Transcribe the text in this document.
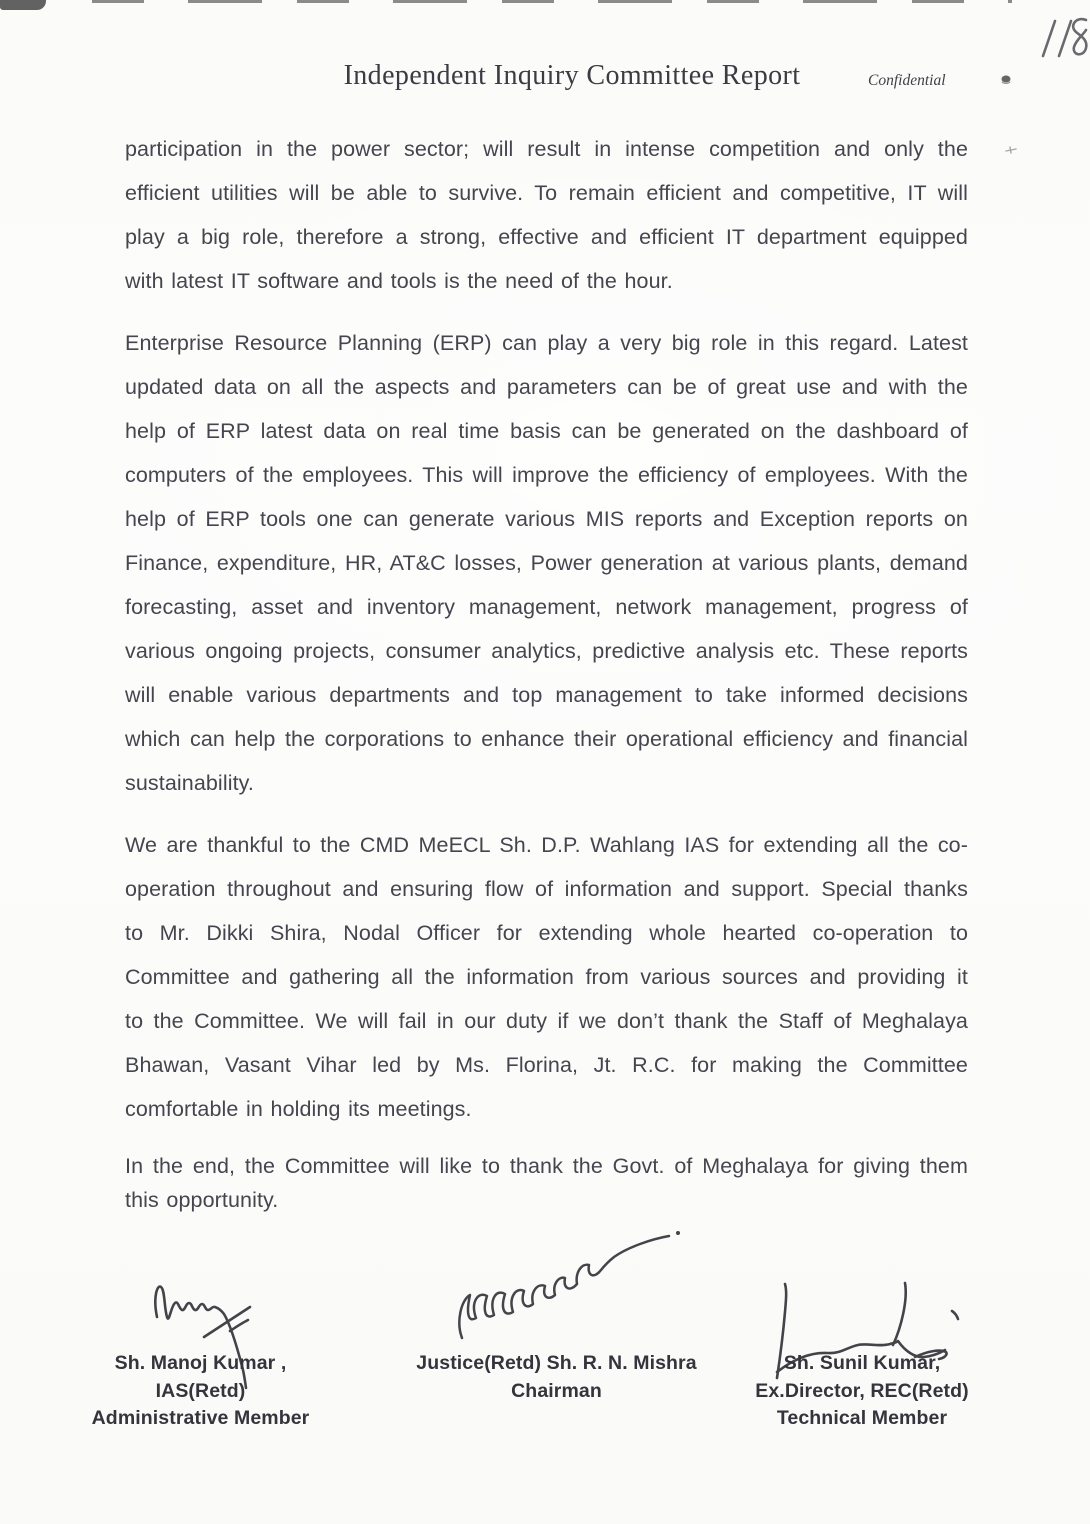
Independent Inquiry Committee Report	Confidential
participation in the power sector; will result in intense competition and only the
efficient utilities will be able to survive. To remain efficient and competitive, IT will
play a big role, therefore a strong, effective and efficient IT department equipped
with latest IT software and tools is the need of the hour.
Enterprise Resource Planning (ERP) can play a very big role in this regard. Latest
updated data on all the aspects and parameters can be of great use and with the
help of ERP latest data on real time basis can be generated on the dashboard of
computers of the employees. This will improve the efficiency of employees. With the
help of ERP tools one can generate various MIS reports and Exception reports on
Finance, expenditure, HR, AT&C losses, Power generation at various plants, demand
forecasting, asset and inventory management, network management, progress of
various ongoing projects, consumer analytics, predictive analysis etc. These reports
will enable various departments and top management to take informed decisions
which can help the corporations to enhance their operational efficiency and financial
sustainability.
We are thankful to the CMD MeECL Sh. D.P. Wahlang IAS for extending all the co-
operation throughout and ensuring flow of information and support. Special thanks
to Mr. Dikki Shira, Nodal Officer for extending whole hearted co-operation to
Committee and gathering all the information from various sources and providing it
to the Committee. We will fail in our duty if we don’t thank the Staff of Meghalaya
Bhawan, Vasant Vihar led by Ms. Florina, Jt. R.C. for making the Committee
comfortable in holding its meetings.
In the end, the Committee will like to thank the Govt. of Meghalaya for giving them
this opportunity.
Sh. Manoj Kumar ,
IAS(Retd)
Administrative Member
Justice(Retd) Sh. R. N. Mishra
Chairman
Sh. Sunil Kumar,
Ex.Director, REC(Retd)
Technical Member
